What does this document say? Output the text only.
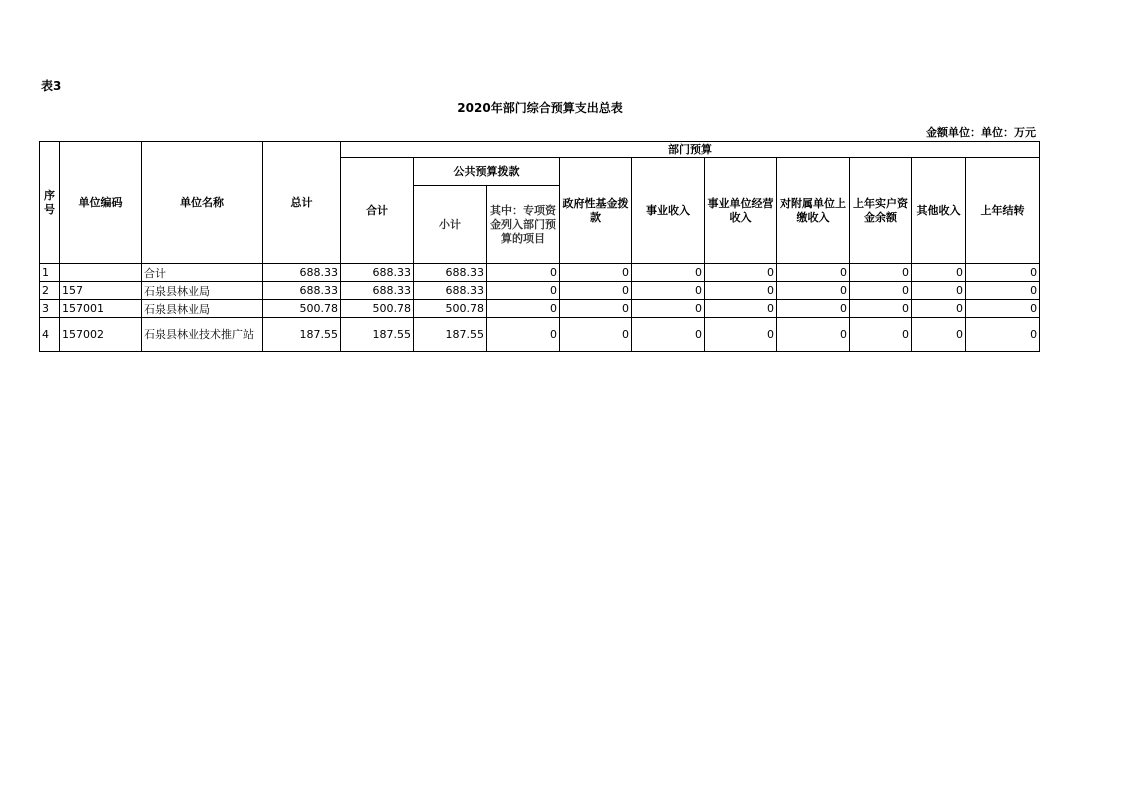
表3
2020年部门综合预算支出总表
金额单位：单位：万元
序号	单位编码	单位名称	总计	部门预算									
				合计	公共预算拨款		政府性基金拨款	事业收入	事业单位经营收入	对附属单位上缴收入	上年实户资金余额	其他收入	上年结转
					小计	其中：专项资金列入部门预算的项目							
1		合计	688.33	688.33	688.33	0	0	0	0	0	0	0	0
2	157	石泉县林业局	688.33	688.33	688.33	0	0	0	0	0	0	0	0
3	157001	石泉县林业局	500.78	500.78	500.78	0	0	0	0	0	0	0	0
4	157002	石泉县林业技术推广站	187.55	187.55	187.55	0	0	0	0	0	0	0	0
